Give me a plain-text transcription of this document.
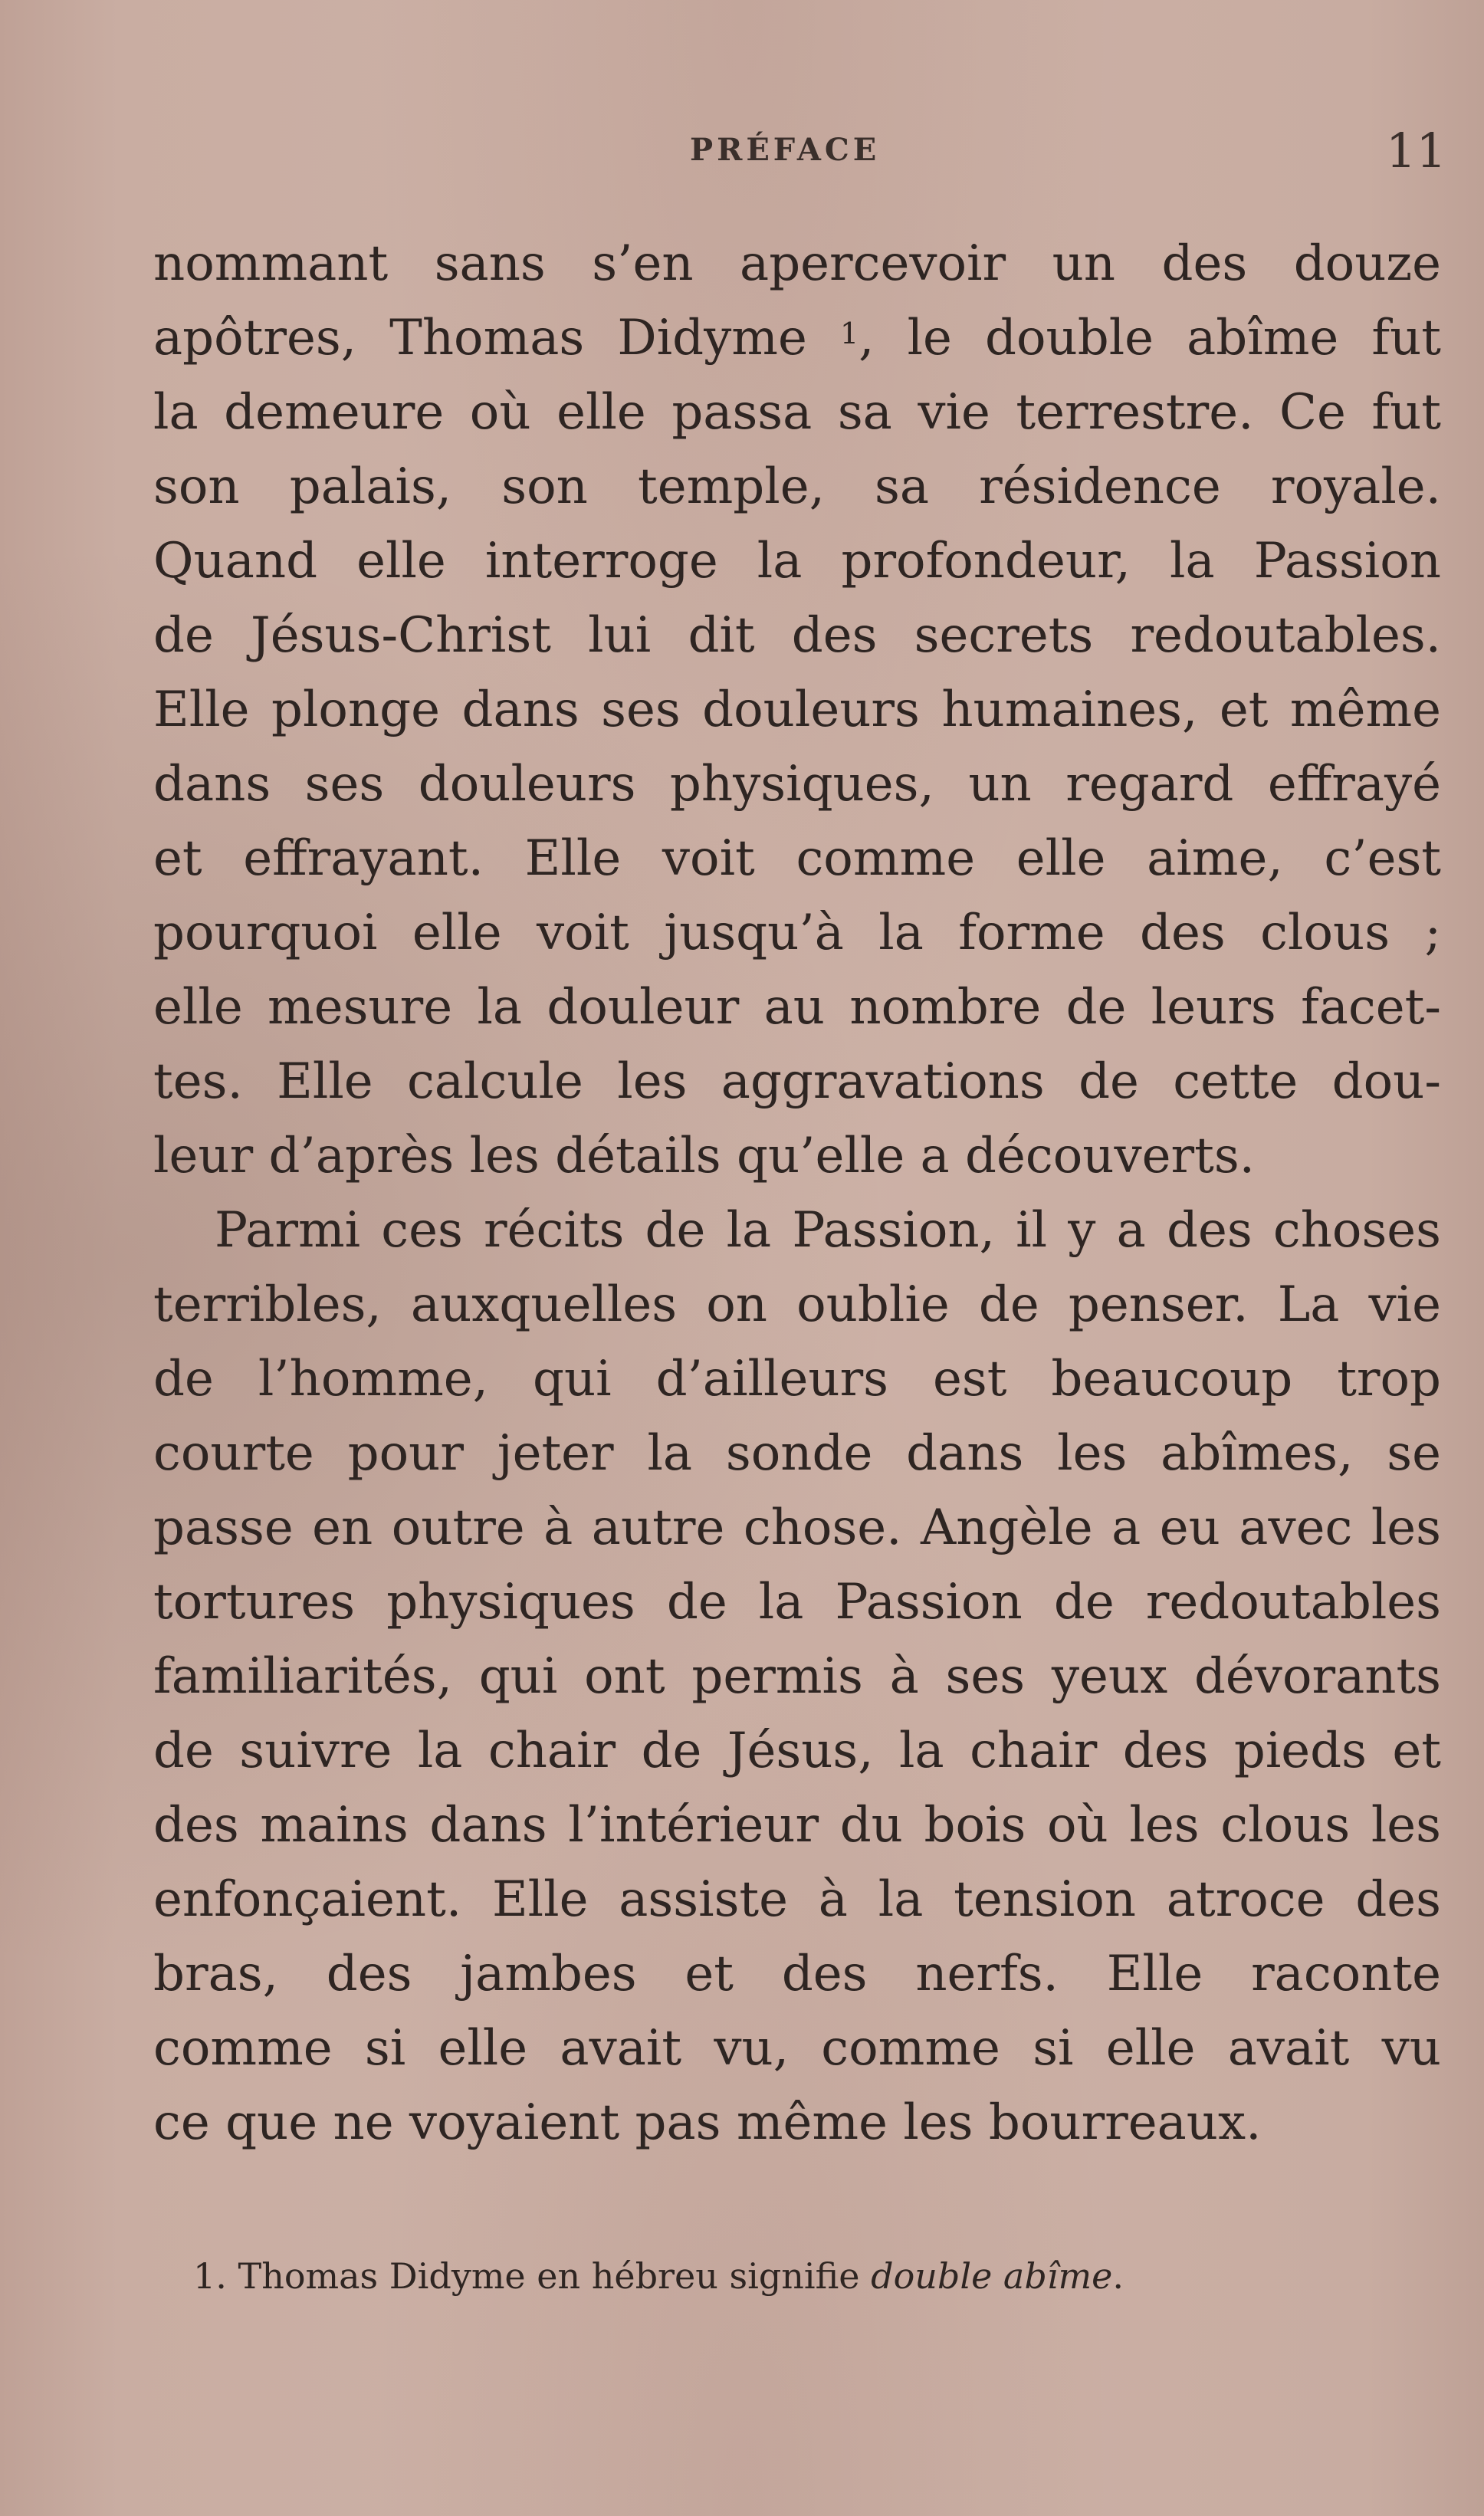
PRÉFACE	11
nommant sans s’en apercevoir un des douze
apôtres, Thomas Didyme $^1$, le double abîme fut
la demeure où elle passa sa vie terrestre. Ce fut
son palais, son temple, sa résidence royale.
Quand elle interroge la profondeur, la Passion
de Jésus-Christ lui dit des secrets redoutables.
Elle plonge dans ses douleurs humaines, et même
dans ses douleurs physiques, un regard effrayé
et effrayant. Elle voit comme elle aime, c’est
pourquoi elle voit jusqu’à la forme des clous ;
elle mesure la douleur au nombre de leurs facet-
tes. Elle calcule les aggravations de cette dou-
leur d’après les détails qu’elle a découverts.
Parmi ces récits de la Passion, il y a des choses
terribles, auxquelles on oublie de penser. La vie
de l’homme, qui d’ailleurs est beaucoup trop
courte pour jeter la sonde dans les abîmes, se
passe en outre à autre chose. Angèle a eu avec les
tortures physiques de la Passion de redoutables
familiarités, qui ont permis à ses yeux dévorants
de suivre la chair de Jésus, la chair des pieds et
des mains dans l’intérieur du bois où les clous les
enfonçaient. Elle assiste à la tension atroce des
bras, des jambes et des nerfs. Elle raconte
comme si elle avait vu, comme si elle avait vu
ce que ne voyaient pas même les bourreaux.
1. Thomas Didyme en hébreu signifie double abîme.
